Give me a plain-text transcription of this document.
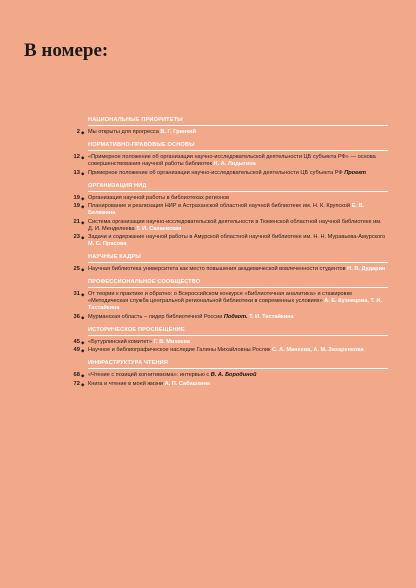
В номере:
НАЦИОНАЛЬНЫЕ ПРИОРИТЕТЫ
2 ◆ Мы открыты для прогресса В. Г. Гринкий
НОРМАТИВНО-ПРАВОВЫЕ ОСНОВЫ
12 ◆ «Примерное положение об организации научно-исследовательской деятельности ЦБ субъекта РФ» — основа совершенствования научной работы библиотек Н. А. Лидыгина
13 ◆ Примерное положение об организации научно-исследовательской деятельности ЦБ субъекта РФ Проект
ОРГАНИЗАЦИЯ НИД
19 ◆ Организация научной работы в библиотеках регионов
19 ◆ Планирование и реализация НИР в Астраханской областной научной библиотеке им. Н. К. Крупской Е. В. Белявина
21 ◆ Система организации научно-исследовательской деятельности в Тюменской областной научной библиотеке им. Д. И. Менделеева Т. И. Сахаевская
23 ◆ Задачи и содержание научной работы в Амурской областной научной библиотеке им. Н. Н. Муравьева-Амурского М. С. Прасова
НАУЧНЫЕ КАДРЫ
25 ◆ Научная библиотека университета как место повышения академической вовлеченности студентов Н. В. Дударин
ПРОФЕССИОНАЛЬНОЕ СООБЩЕСТВО
31 ◆ От теории к практике и обратно: о Всероссийском конкурсе «Библиотечная аналитика» и стажировке «Методическая служба центральной региональной библиотеки в современных условиях» А. Е. Кузнецова, Т. И. Тастайкина
36 ◆ Мурманская область – лидер библиотечной России Подгот. Т. И. Тастайкина
ИСТОРИЧЕСКОЕ ПРОСВЕЩЕНИЕ
45 ◆ «Бутурлинский комитет» Г. В. Михеева
49 ◆ Научное и библиографическое наследие Галины Михайловны Рослик С. А. Манеева, А. М. Захаренкова
ИНФРАСТРУКТУРА ЧТЕНИЯ
68 ◆ «Чтение с позиций когнитивизма»: интервью с В. А. Бородиной
72 ◆ Книга и чтение в моей жизни А. П. Сабашкина
